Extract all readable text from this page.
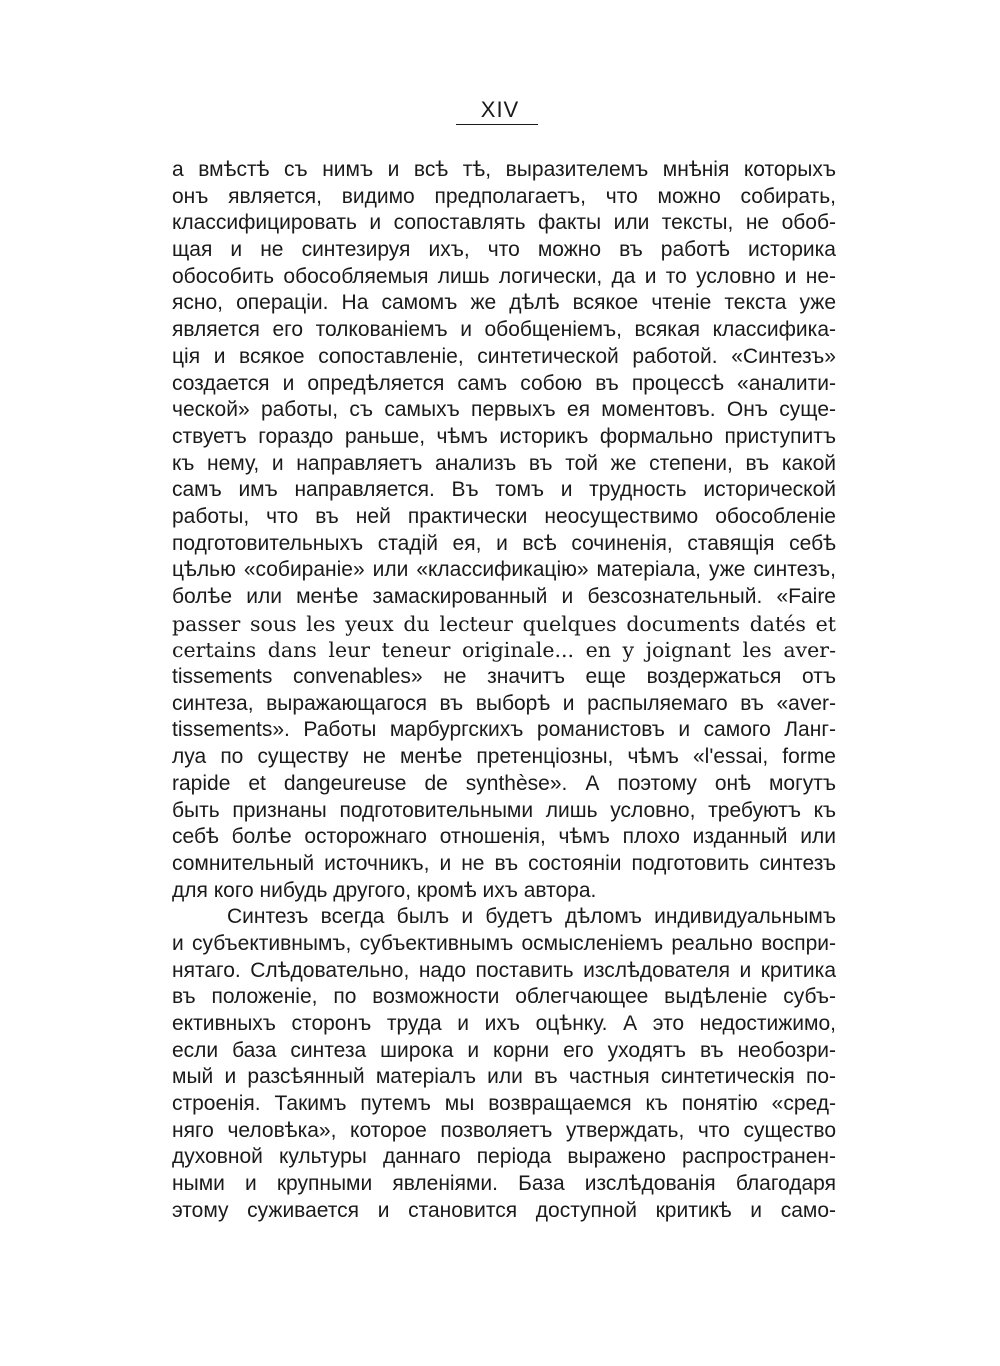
XIV
а вмѣстѣ съ нимъ и всѣ тѣ, выразителемъ мнѣнія которыхъ
онъ является, видимо предполагаетъ, что можно собирать,
классифицировать и сопоставлять факты или тексты, не обоб-
щая и не синтезируя ихъ, что можно въ работѣ историка
обособить обособляемыя лишь логически, да и то условно и не-
ясно, операціи. На самомъ же дѣлѣ всякое чтеніе текста уже
является его толкованіемъ и обобщеніемъ, всякая классифика-
ція и всякое сопоставленіе, синтетической работой. «Синтезъ»
создается и опредѣляется самъ собою въ процессѣ «аналити-
ческой» работы, съ самыхъ первыхъ ея моментовъ. Онъ суще-
ствуетъ гораздо раньше, чѣмъ историкъ формально приступитъ
къ нему, и направляетъ анализъ въ той же степени, въ какой
самъ имъ направляется. Въ томъ и трудность исторической
работы, что въ ней практически неосуществимо обособленіе
подготовительныхъ стадій ея, и всѣ сочиненія, ставящія себѣ
цѣлью «собираніе» или «классификацію» матеріала, уже синтезъ,
болѣе или менѣе замаскированный и безсознательный. «Faire
passer sous les yeux du lecteur quelques documents datés et
certains dans leur teneur originale... en y joignant les aver-
tissements convenables» не значитъ еще воздержаться отъ
синтеза, выражающагося въ выборѣ и распыляемаго въ «aver-
tissements». Работы марбургскихъ романистовъ и самого Ланг-
луа по существу не менѣе претенціозны, чѣмъ «l'essai, forme
rapide et dangeureuse de synthèse». А поэтому онѣ могутъ
быть признаны подготовительными лишь условно, требуютъ къ
себѣ болѣе осторожнаго отношенія, чѣмъ плохо изданный или
сомнительный источникъ, и не въ состояніи подготовить синтезъ
для кого нибудь другого, кромѣ ихъ автора.
Синтезъ всегда былъ и будетъ дѣломъ индивидуальнымъ
и субъективнымъ, субъективнымъ осмысленіемъ реально воспри-
нятаго. Слѣдовательно, надо поставить изслѣдователя и критика
въ положеніе, по возможности облегчающее выдѣленіе субъ-
ективныхъ сторонъ труда и ихъ оцѣнку. А это недостижимо,
если база синтеза широка и корни его уходятъ въ необозри-
мый и разсѣянный матеріалъ или въ частныя синтетическія по-
строенія. Такимъ путемъ мы возвращаемся къ понятію «сред-
няго человѣка», которое позволяетъ утверждать, что существо
духовной культуры даннаго періода выражено распространен-
ными и крупными явленіями. База изслѣдованія благодаря
этому суживается и становится доступной критикѣ и само-
